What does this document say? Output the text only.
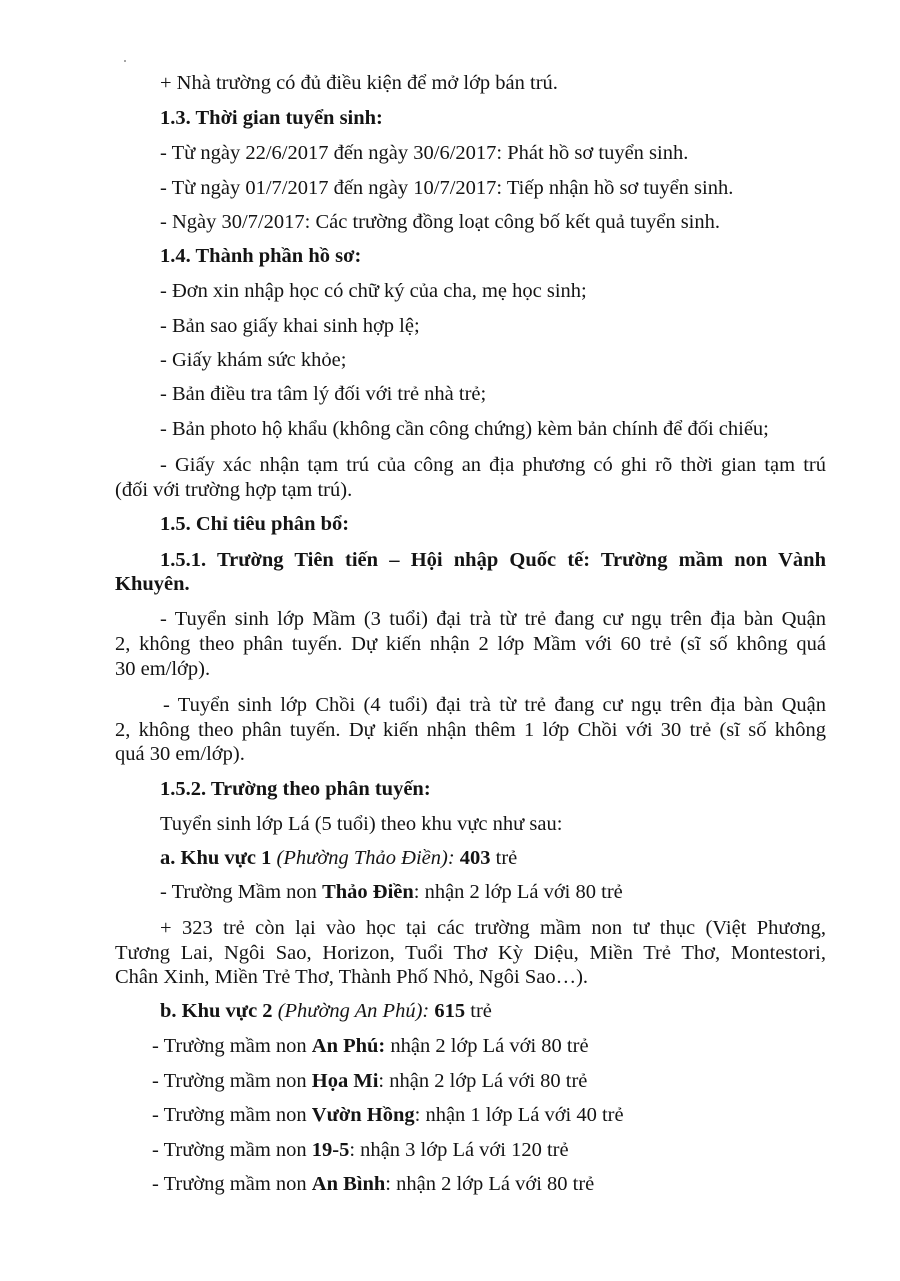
+ Nhà trường có đủ điều kiện để mở lớp bán trú.
1.3. Thời gian tuyển sinh:
- Từ ngày 22/6/2017 đến ngày 30/6/2017: Phát hồ sơ tuyển sinh.
- Từ ngày 01/7/2017 đến ngày 10/7/2017: Tiếp nhận hồ sơ tuyển sinh.
- Ngày 30/7/2017: Các trường đồng loạt công bố kết quả tuyển sinh.
1.4. Thành phần hồ sơ:
- Đơn xin nhập học có chữ ký của cha, mẹ học sinh;
- Bản sao giấy khai sinh hợp lệ;
- Giấy khám sức khỏe;
- Bản điều tra tâm lý đối với trẻ nhà trẻ;
- Bản photo hộ khẩu (không cần công chứng) kèm bản chính để đối chiếu;
- Giấy xác nhận tạm trú của công an địa phương có ghi rõ thời gian tạm trú
(đối với trường hợp tạm trú).
1.5. Chỉ tiêu phân bổ:
1.5.1. Trường Tiên tiến – Hội nhập Quốc tế: Trường mầm non Vành
Khuyên.
- Tuyển sinh lớp Mầm (3 tuổi) đại trà từ trẻ đang cư ngụ trên địa bàn Quận
2, không theo phân tuyến. Dự kiến nhận 2 lớp Mầm với 60 trẻ (sĩ số không quá
30 em/lớp).
- Tuyển sinh lớp Chồi (4 tuổi) đại trà từ trẻ đang cư ngụ trên địa bàn Quận
2, không theo phân tuyến. Dự kiến nhận thêm 1 lớp Chồi với 30 trẻ (sĩ số không
quá 30 em/lớp).
1.5.2. Trường theo phân tuyến:
Tuyển sinh lớp Lá (5 tuổi) theo khu vực như sau:
a. Khu vực 1 (Phường Thảo Điền): 403 trẻ
- Trường Mầm non Thảo Điền: nhận 2 lớp Lá với 80 trẻ
+ 323 trẻ còn lại vào học tại các trường mầm non tư thục (Việt Phương,
Tương Lai, Ngôi Sao, Horizon, Tuổi Thơ Kỳ Diệu, Miền Trẻ Thơ, Montestori,
Chân Xinh, Miền Trẻ Thơ, Thành Phố Nhỏ, Ngôi Sao…).
b. Khu vực 2 (Phường An Phú): 615 trẻ
- Trường mầm non An Phú: nhận 2 lớp Lá với 80 trẻ
- Trường mầm non Họa Mi: nhận 2 lớp Lá với 80 trẻ
- Trường mầm non Vườn Hồng: nhận 1 lớp Lá với 40 trẻ
- Trường mầm non 19-5: nhận 3 lớp Lá với 120 trẻ
- Trường mầm non An Bình: nhận 2 lớp Lá với 80 trẻ
